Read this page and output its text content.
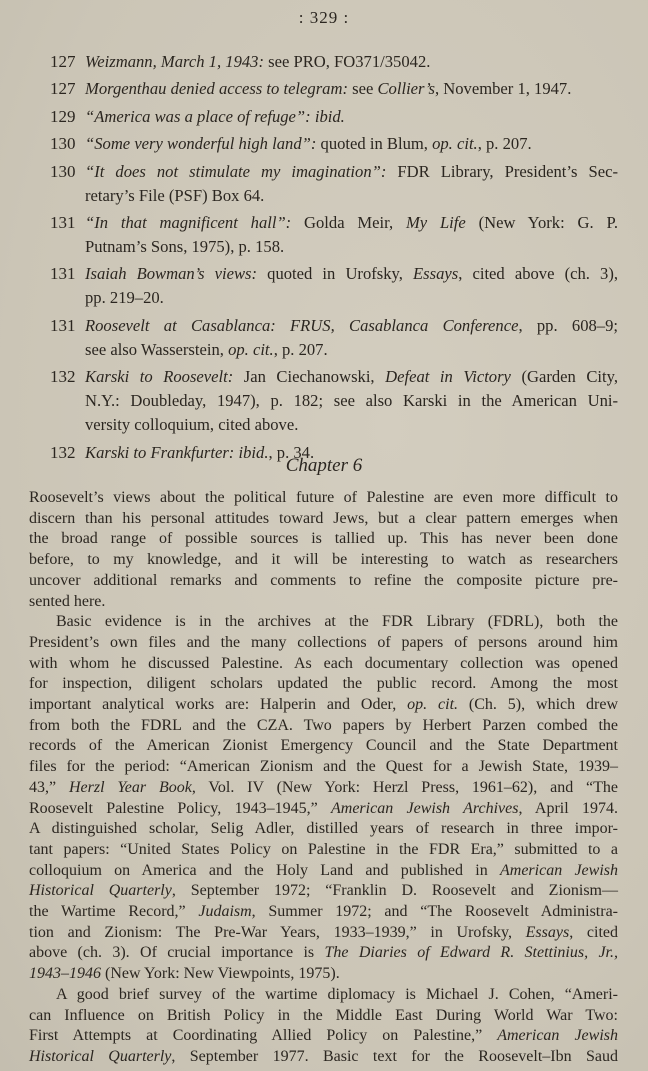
: 329 :
127 Weizmann, March 1, 1943: see PRO, FO371/35042.
127 Morgenthau denied access to telegram: see Collier’s, November 1, 1947.
129 “America was a place of refuge”: ibid.
130 “Some very wonderful high land”: quoted in Blum, op. cit., p. 207.
130 “It does not stimulate my imagination”: FDR Library, President’s Sec-
retary’s File (PSF) Box 64.
131 “In that magnificent hall”: Golda Meir, My Life (New York: G. P.
Putnam’s Sons, 1975), p. 158.
131 Isaiah Bowman’s views: quoted in Urofsky, Essays, cited above (ch. 3),
pp. 219–20.
131 Roosevelt at Casablanca: FRUS, Casablanca Conference, pp. 608–9;
see also Wasserstein, op. cit., p. 207.
132 Karski to Roosevelt: Jan Ciechanowski, Defeat in Victory (Garden City,
N.Y.: Doubleday, 1947), p. 182; see also Karski in the American Uni-
versity colloquium, cited above.
132 Karski to Frankfurter: ibid., p. 34.
Chapter 6
Roosevelt’s views about the political future of Palestine are even more difficult to
discern than his personal attitudes toward Jews, but a clear pattern emerges when
the broad range of possible sources is tallied up. This has never been done
before, to my knowledge, and it will be interesting to watch as researchers
uncover additional remarks and comments to refine the composite picture pre-
sented here.
Basic evidence is in the archives at the FDR Library (FDRL), both the
President’s own files and the many collections of papers of persons around him
with whom he discussed Palestine. As each documentary collection was opened
for inspection, diligent scholars updated the public record. Among the most
important analytical works are: Halperin and Oder, op. cit. (Ch. 5), which drew
from both the FDRL and the CZA. Two papers by Herbert Parzen combed the
records of the American Zionist Emergency Council and the State Department
files for the period: “American Zionism and the Quest for a Jewish State, 1939–
43,” Herzl Year Book, Vol. IV (New York: Herzl Press, 1961–62), and “The
Roosevelt Palestine Policy, 1943–1945,” American Jewish Archives, April 1974.
A distinguished scholar, Selig Adler, distilled years of research in three impor-
tant papers: “United States Policy on Palestine in the FDR Era,” submitted to a
colloquium on America and the Holy Land and published in American Jewish
Historical Quarterly, September 1972; “Franklin D. Roosevelt and Zionism—
the Wartime Record,” Judaism, Summer 1972; and “The Roosevelt Administra-
tion and Zionism: The Pre-War Years, 1933–1939,” in Urofsky, Essays, cited
above (ch. 3). Of crucial importance is The Diaries of Edward R. Stettinius, Jr.,
1943–1946 (New York: New Viewpoints, 1975).
A good brief survey of the wartime diplomacy is Michael J. Cohen, “Ameri-
can Influence on British Policy in the Middle East During World War Two:
First Attempts at Coordinating Allied Policy on Palestine,” American Jewish
Historical Quarterly, September 1977. Basic text for the Roosevelt–Ibn Saud
